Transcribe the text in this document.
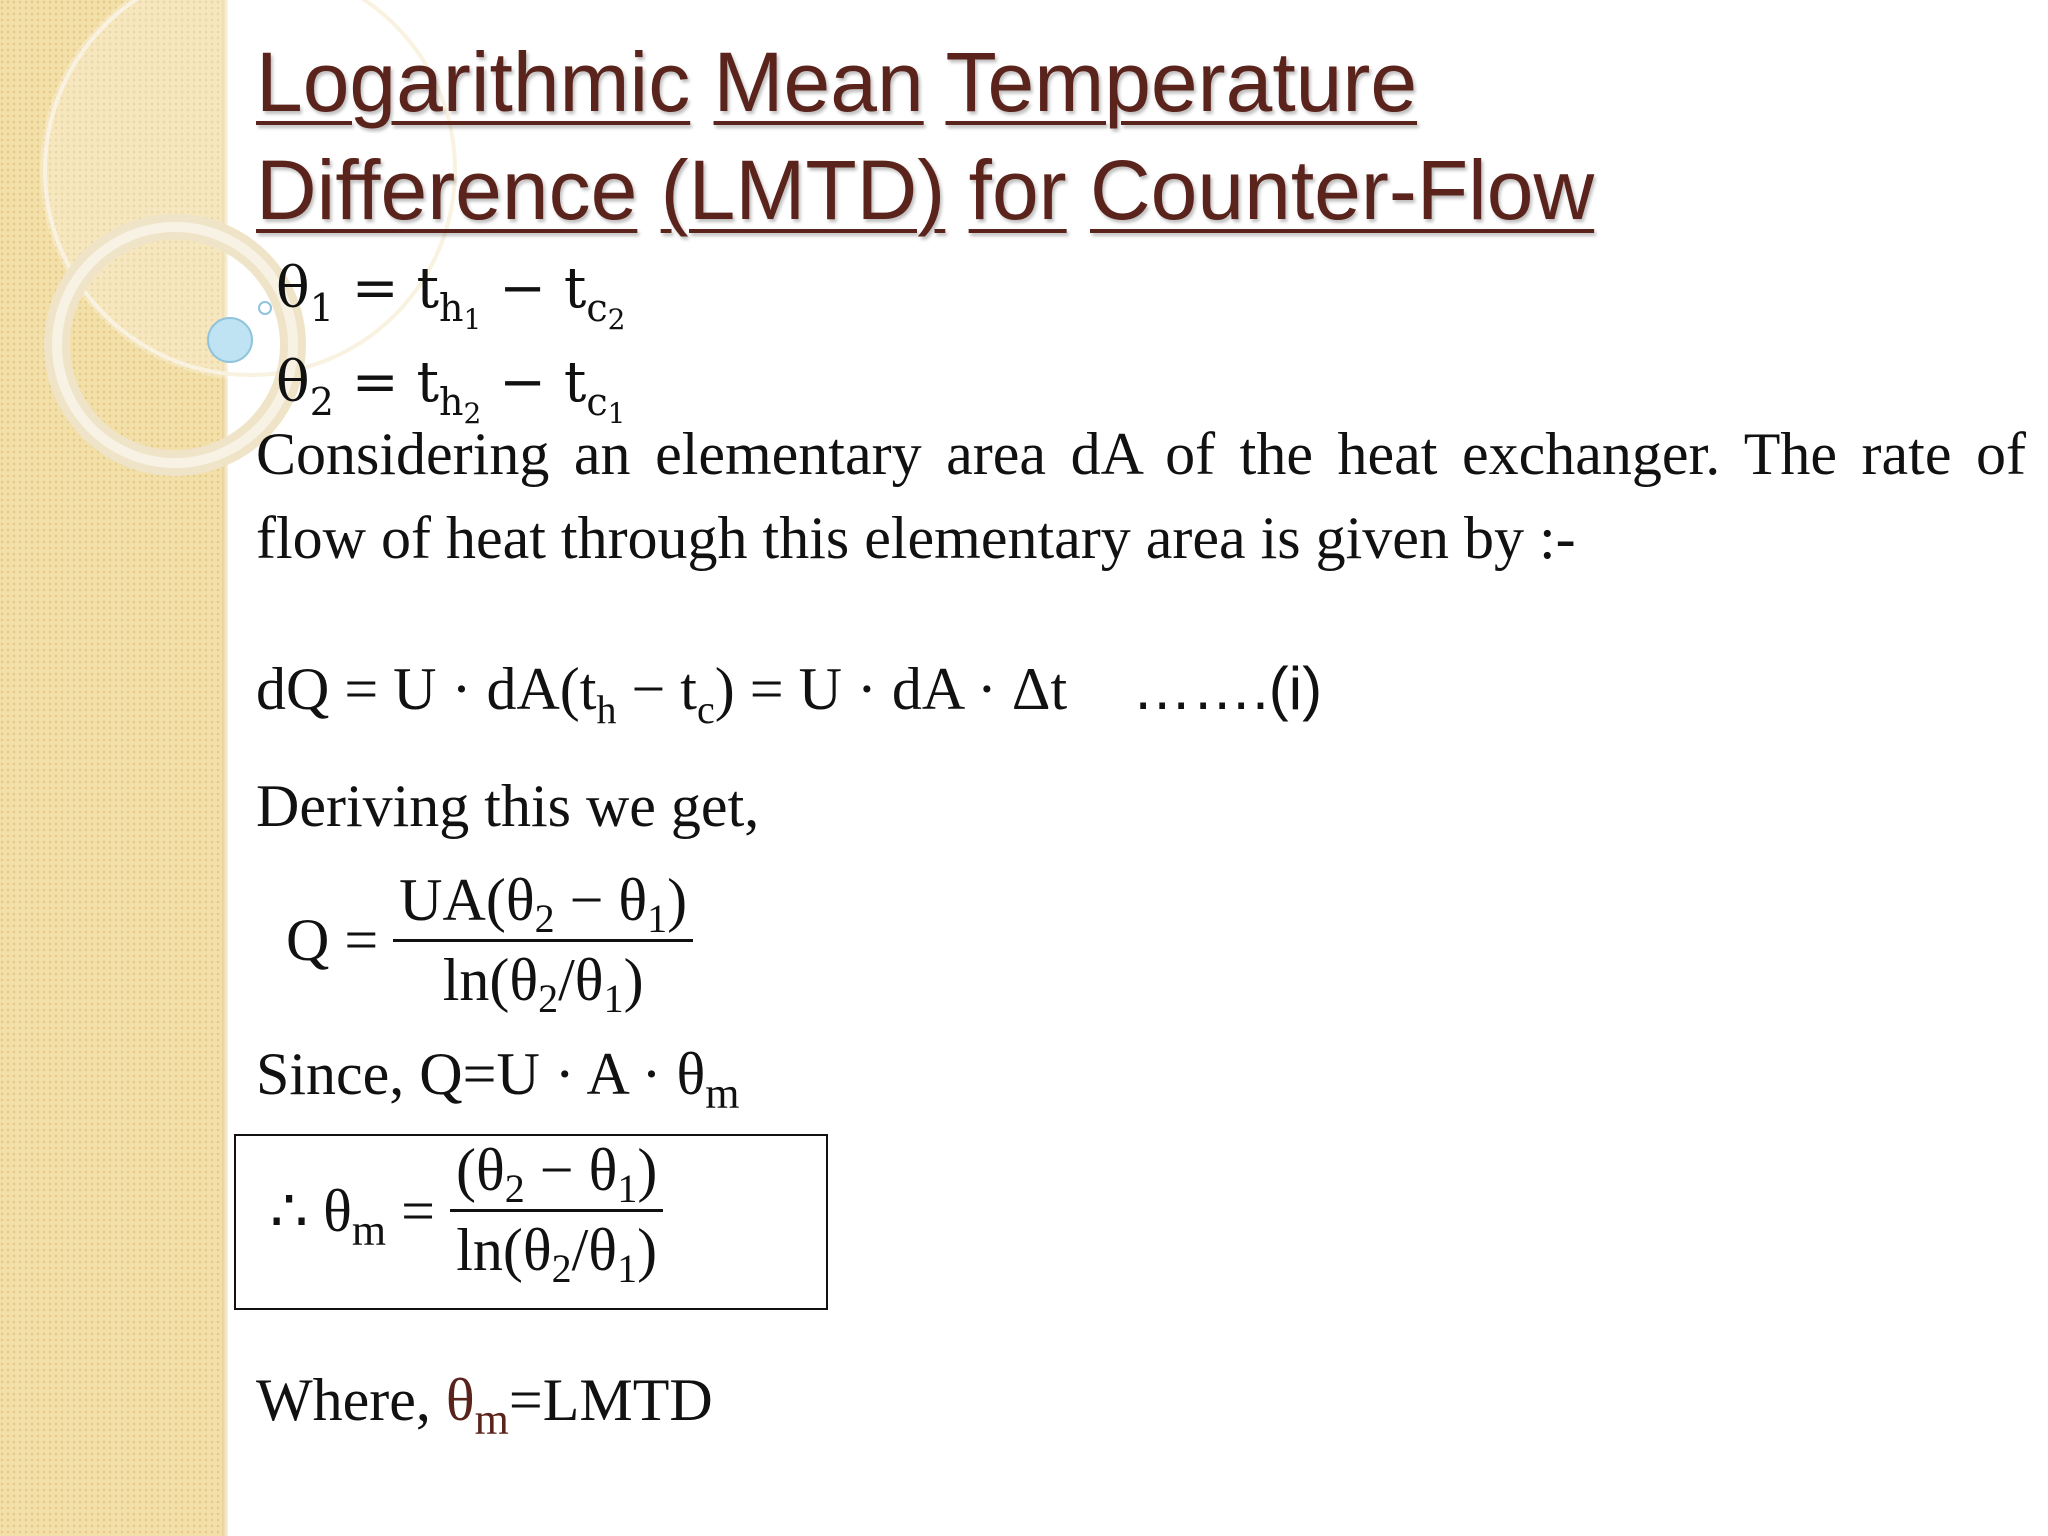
Logarithmic Mean Temperature
Difference (LMTD) for Counter-Flow
$\theta_1 = t_{h_1} - t_{c_2}$
$\theta_2 = t_{h_2} - t_{c_1}$
Considering an elementary area dA of the heat exchanger. The rate of flow of heat through this elementary area is given by :-
dQ = $U \cdot dA(t_h - t_c) = U$ · dA · Δt …….(i)
Deriving this we get,
$Q = \frac{UA(\theta_2 - \theta_1)}{\ln(\theta_2/\theta_1)}$
Since, $Q=U \cdot A \cdot \theta_m$
∴ $\theta_m = \frac{(\theta_2 - \theta_1)}{\ln(\theta_2/\theta_1)}$
Where, $\theta_m=LMTD$
